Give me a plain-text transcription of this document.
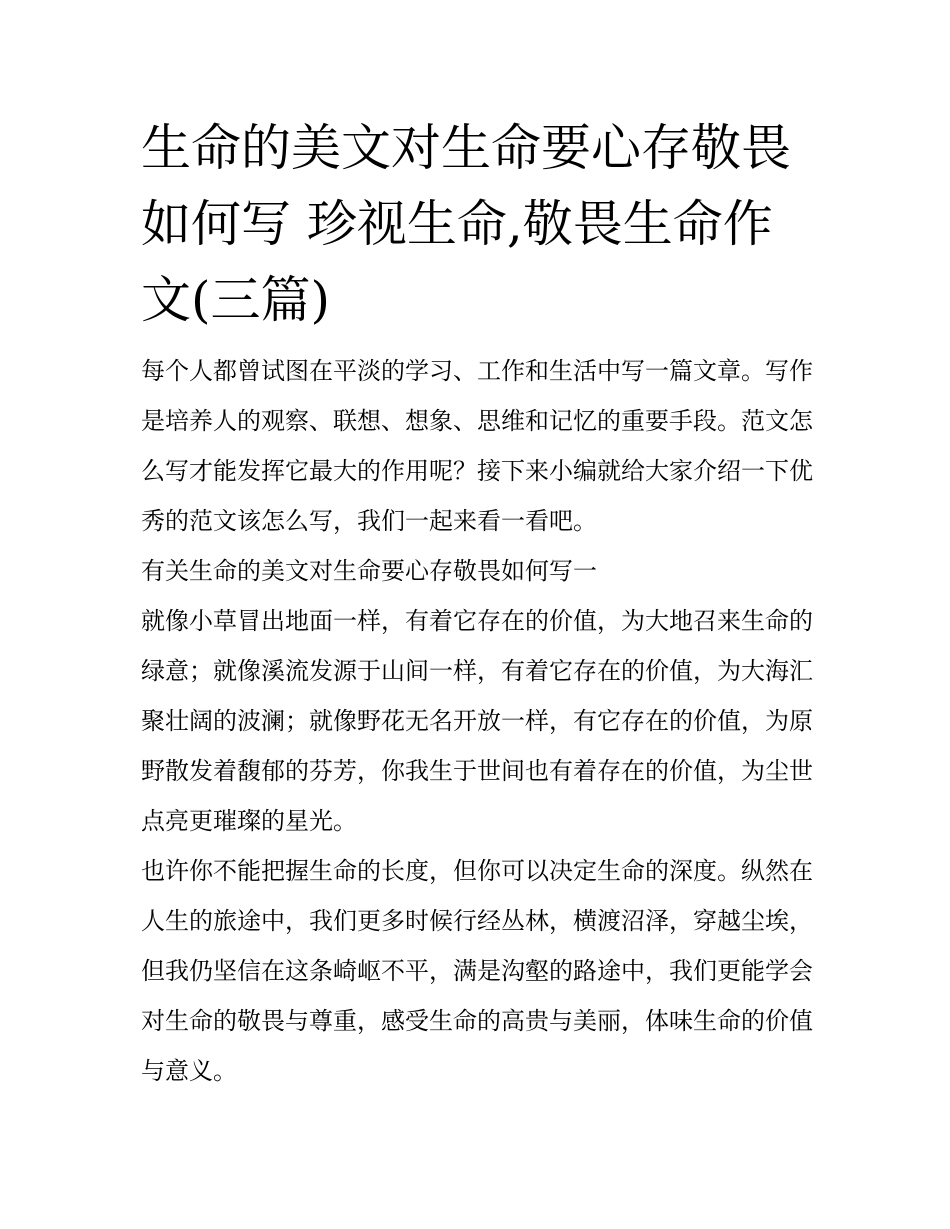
生命的美文对生命要心存敬畏如何写 珍视生命,敬畏生命作文(三篇)

每个人都曾试图在平淡的学习、工作和生活中写一篇文章。写作是培养人的观察、联想、想象、思维和记忆的重要手段。范文怎么写才能发挥它最大的作用呢？接下来小编就给大家介绍一下优秀的范文该怎么写，我们一起来看一看吧。

有关生命的美文对生命要心存敬畏如何写一

就像小草冒出地面一样，有着它存在的价值，为大地召来生命的绿意；就像溪流发源于山间一样，有着它存在的价值，为大海汇聚壮阔的波澜；就像野花无名开放一样，有它存在的价值，为原野散发着馥郁的芬芳，你我生于世间也有着存在的价值，为尘世点亮更璀璨的星光。

也许你不能把握生命的长度，但你可以决定生命的深度。纵然在人生的旅途中，我们更多时候行经丛林，横渡沼泽，穿越尘埃，但我仍坚信在这条崎岖不平，满是沟壑的路途中，我们更能学会对生命的敬畏与尊重，感受生命的高贵与美丽，体味生命的价值与意义。
